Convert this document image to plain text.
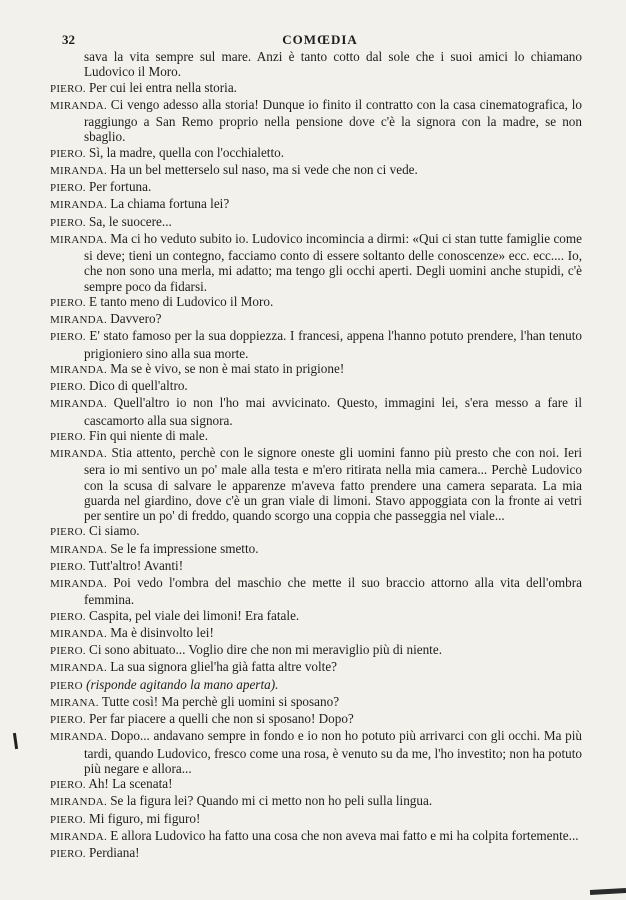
32	COMŒDIA

sava la vita sempre sul mare. Anzi è tanto cotto dal sole che i suoi amici lo chiamano Ludovico il Moro.

PIERO. Per cui lei entra nella storia.

MIRANDA. Ci vengo adesso alla storia! Dunque io finito il contratto con la casa cinematografica, lo raggiungo a San Remo proprio nella pensione dove c'è la signora con la madre, se non sbaglio.

PIERO. Sì, la madre, quella con l'occhialetto.

MIRANDA. Ha un bel metterselo sul naso, ma si vede che non ci vede.

PIERO. Per fortuna.

MIRANDA. La chiama fortuna lei?

PIERO. Sa, le suocere...

MIRANDA. Ma ci ho veduto subito io. Ludovico incomincia a dirmi: «Qui ci stan tutte famiglie come si deve; tieni un contegno, facciamo conto di essere soltanto delle conoscenze» ecc. ecc.... Io, che non sono una merla, mi adatto; ma tengo gli occhi aperti. Degli uomini anche stupidi, c'è sempre poco da fidarsi.

PIERO. E tanto meno di Ludovico il Moro.

MIRANDA. Davvero?

PIERO. E' stato famoso per la sua doppiezza. I francesi, appena l'hanno potuto prendere, l'han tenuto prigioniero sino alla sua morte.

MIRANDA. Ma se è vivo, se non è mai stato in prigione!

PIERO. Dico di quell'altro.

MIRANDA. Quell'altro io non l'ho mai avvicinato. Questo, immagini lei, s'era messo a fare il cascamorto alla sua signora.

PIERO. Fin qui niente di male.

MIRANDA. Stia attento, perchè con le signore oneste gli uomini fanno più presto che con noi. Ieri sera io mi sentivo un po' male alla testa e m'ero ritirata nella mia camera... Perchè Ludovico con la scusa di salvare le apparenze m'aveva fatto prendere una camera separata. La mia guarda nel giardino, dove c'è un gran viale di limoni. Stavo appoggiata con la fronte ai vetri per sentire un po' di freddo, quando scorgo una coppia che passeggia nel viale...

PIERO. Ci siamo.

MIRANDA. Se le fa impressione smetto.

PIERO. Tutt'altro! Avanti!

MIRANDA. Poi vedo l'ombra del maschio che mette il suo braccio attorno alla vita dell'ombra femmina.

PIERO. Caspita, pel viale dei limoni! Era fatale.

MIRANDA. Ma è disinvolto lei!

PIERO. Ci sono abituato... Voglio dire che non mi meraviglio più di niente.

MIRANDA. La sua signora gliel'ha già fatta altre volte?

PIERO (risponde agitando la mano aperta).

MIRANA. Tutte così! Ma perchè gli uomini si sposano?

PIERO. Per far piacere a quelli che non si sposano! Dopo?

MIRANDA. Dopo... andavano sempre in fondo e io non ho potuto più arrivarci con gli occhi. Ma più tardi, quando Ludovico, fresco come una rosa, è venuto su da me, l'ho investito; non ha potuto più negare e allora...

PIERO. Ah! La scenata!

MIRANDA. Se la figura lei? Quando mi ci metto non ho peli sulla lingua.

PIERO. Mi figuro, mi figuro!

MIRANDA. E allora Ludovico ha fatto una cosa che non aveva mai fatto e mi ha colpita fortemente...

PIERO. Perdiana!
